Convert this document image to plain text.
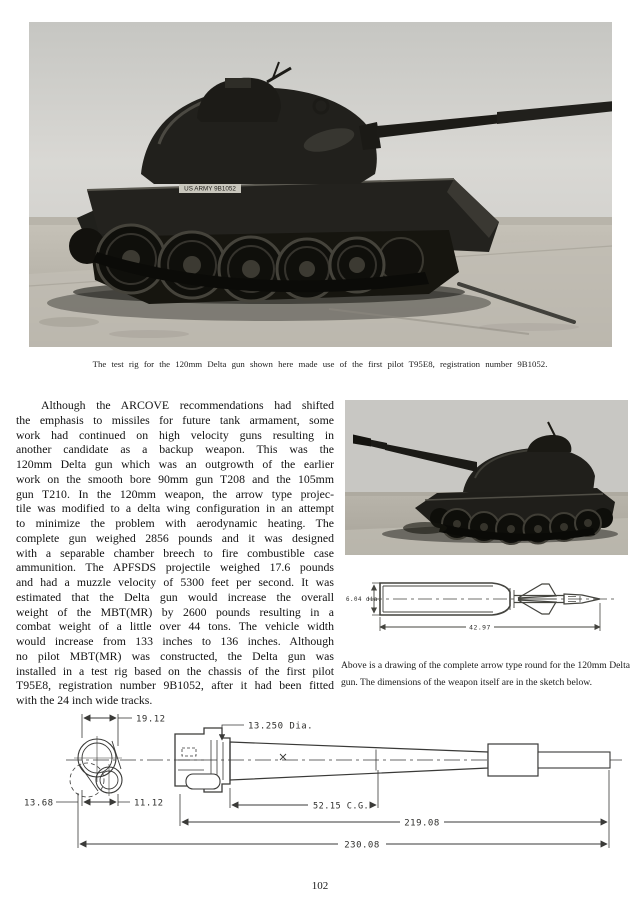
US ARMY 9B1052
The test rig for the 120mm Delta gun shown here made use of the first pilot T95E8, registration number 9B1052.
Although the ARCOVE recommendations had shifted
the emphasis to missiles for future tank armament, some
work had continued on high velocity guns resulting in
another candidate as a backup weapon. This was the
120mm Delta gun which was an outgrowth of the earlier
work on the smooth bore 90mm gun T208 and the 105mm
gun T210. In the 120mm weapon, the arrow type projec-
tile was modified to a delta wing configuration in an attempt
to minimize the problem with aerodynamic heating. The
complete gun weighed 2856 pounds and it was designed
with a separable chamber breech to fire combustible case
ammunition. The APFSDS projectile weighed 17.6 pounds
and had a muzzle velocity of 5300 feet per second. It was
estimated that the Delta gun would increase the overall
weight of the MBT(MR) by 2600 pounds resulting in a
combat weight of a little over 44 tons. The vehicle width
would increase from 133 inches to 136 inches. Although
no pilot MBT(MR) was constructed, the Delta gun was
installed in a test rig based on the chassis of the first pilot
T95E8, registration number 9B1052, after it had been fitted
with the 24 inch wide tracks.
6.04 dia.
42.97
Above is a drawing of the complete arrow type round for the 120mm Delta gun. The dimensions of the weapon itself are in the sketch below.
19.12
13.68	11.12
13.250 Dia.
52.15 C.G.
219.08
230.08
102
